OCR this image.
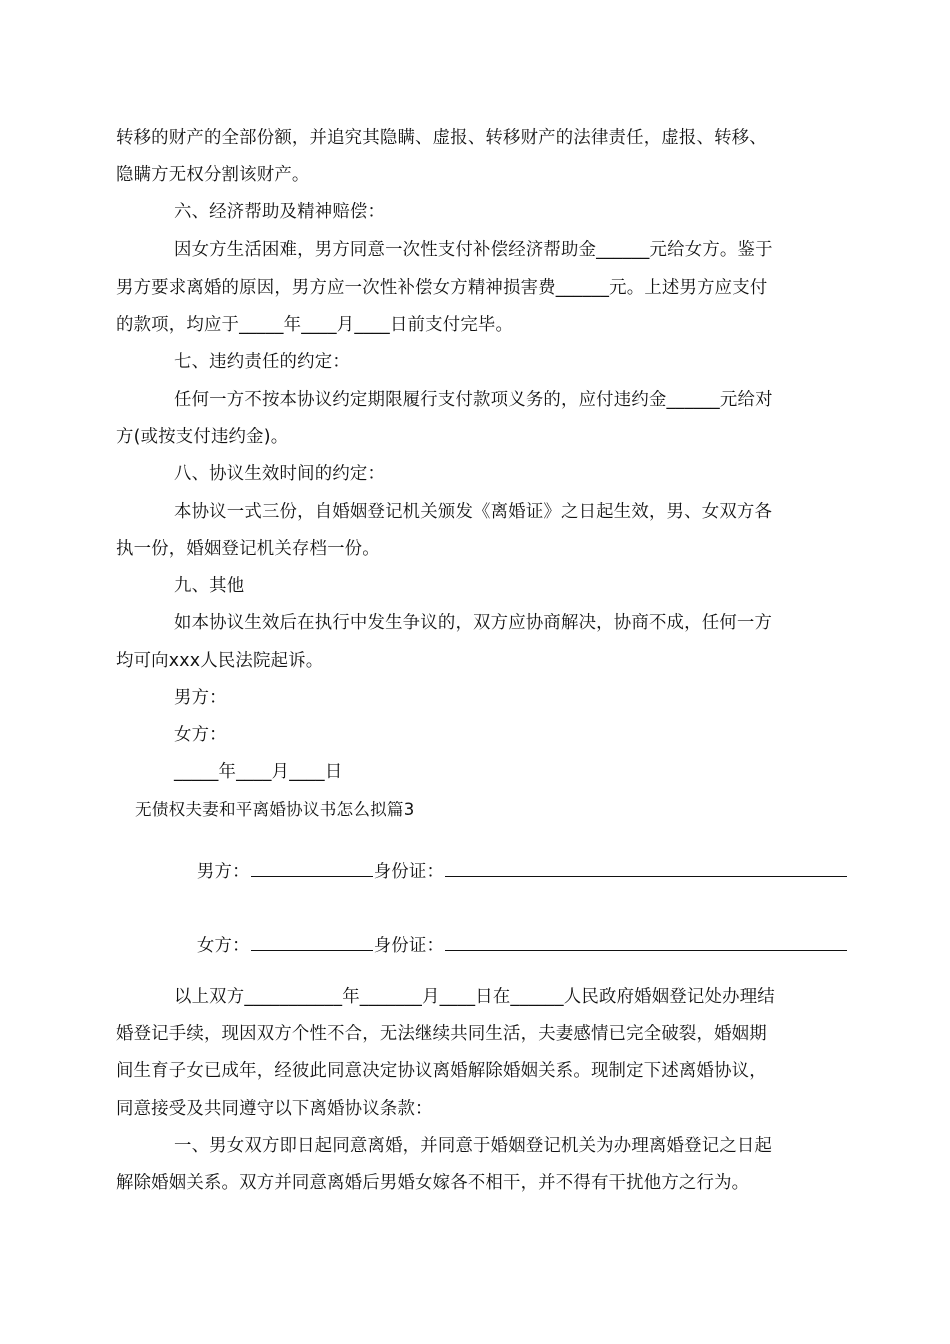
转移的财产的全部份额，并追究其隐瞒、虚报、转移财产的法律责任，虚报、转移、
隐瞒方无权分割该财产。
六、经济帮助及精神赔偿：
因女方生活困难，男方同意一次性支付补偿经济帮助金______元给女方。鉴于
男方要求离婚的原因，男方应一次性补偿女方精神损害费______元。上述男方应支付
的款项，均应于_____年____月____日前支付完毕。
七、违约责任的约定：
任何一方不按本协议约定期限履行支付款项义务的，应付违约金______元给对
方(或按支付违约金)。
八、协议生效时间的约定：
本协议一式三份，自婚姻登记机关颁发《离婚证》之日起生效，男、女双方各
执一份，婚姻登记机关存档一份。
九、其他
如本协议生效后在执行中发生争议的，双方应协商解决，协商不成，任何一方
均可向xxx人民法院起诉。
男方：
女方：
_____年____月____日
无债权夫妻和平离婚协议书怎么拟篇3

男方：	身份证：

女方：	身份证：

以上双方___________年_______月____日在______人民政府婚姻登记处办理结
婚登记手续，现因双方个性不合，无法继续共同生活，夫妻感情已完全破裂，婚姻期
间生育子女已成年，经彼此同意决定协议离婚解除婚姻关系。现制定下述离婚协议，
同意接受及共同遵守以下离婚协议条款：
一、男女双方即日起同意离婚，并同意于婚姻登记机关为办理离婚登记之日起
解除婚姻关系。双方并同意离婚后男婚女嫁各不相干，并不得有干扰他方之行为。
